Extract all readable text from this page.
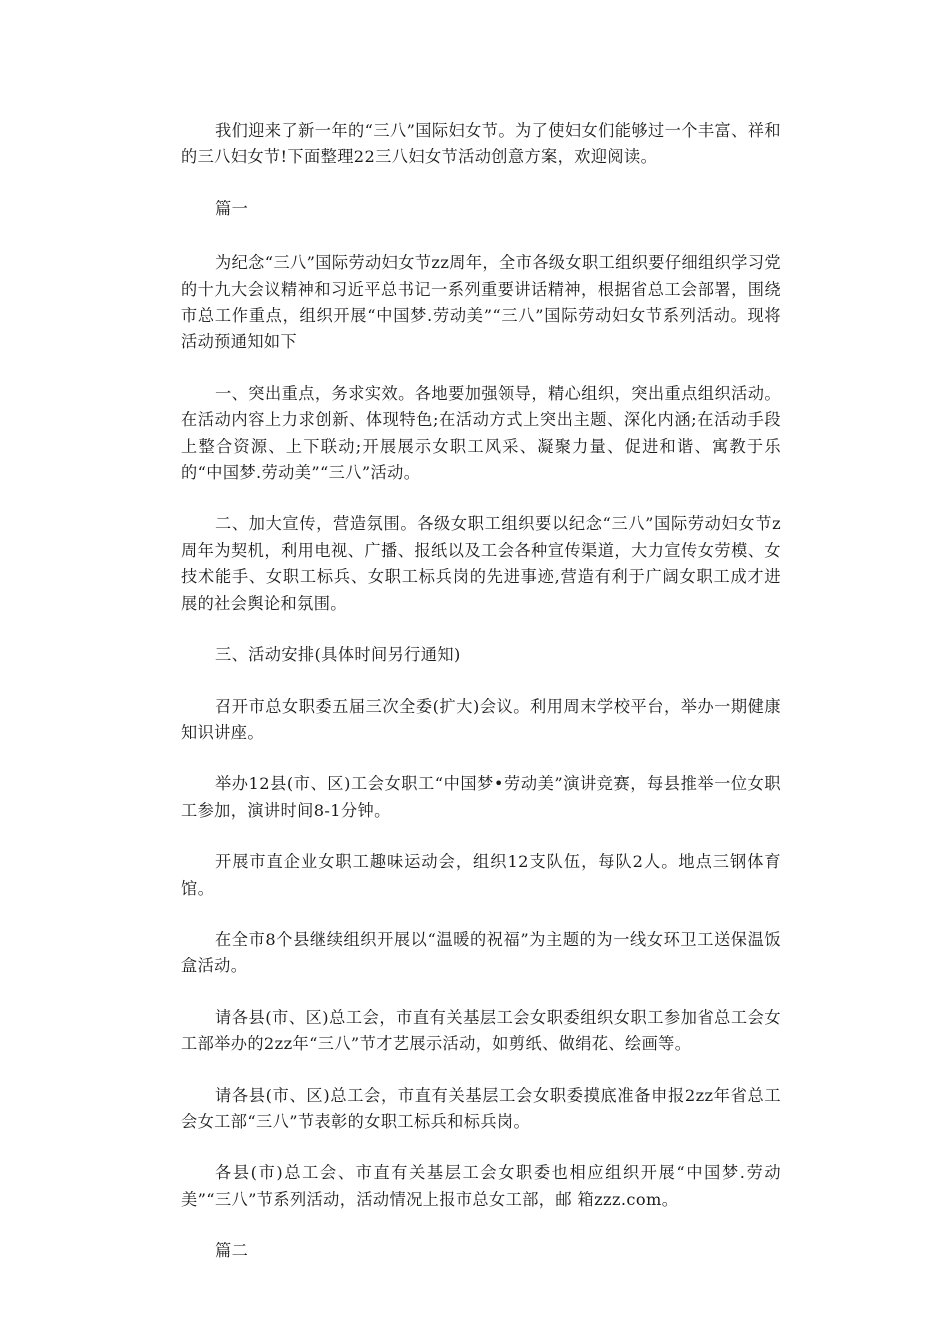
我们迎来了新一年的“三八”国际妇女节。为了使妇女们能够过一个丰富、祥和的三八妇女节!下面整理22三八妇女节活动创意方案，欢迎阅读。

篇一

为纪念“三八”国际劳动妇女节zz周年，全市各级女职工组织要仔细组织学习党的十九大会议精神和习近平总书记一系列重要讲话精神，根据省总工会部署，围绕市总工作重点，组织开展“中国梦.劳动美”“三八”国际劳动妇女节系列活动。现将活动预通知如下

一、突出重点，务求实效。各地要加强领导，精心组织，突出重点组织活动。在活动内容上力求创新、体现特色;在活动方式上突出主题、深化内涵;在活动手段上整合资源、上下联动;开展展示女职工风采、凝聚力量、促进和谐、寓教于乐的“中国梦.劳动美”“三八”活动。

二、加大宣传，营造氛围。各级女职工组织要以纪念“三八”国际劳动妇女节z周年为契机，利用电视、广播、报纸以及工会各种宣传渠道，大力宣传女劳模、女技术能手、女职工标兵、女职工标兵岗的先进事迹,营造有利于广阔女职工成才进展的社会舆论和氛围。

三、活动安排(具体时间另行通知)

召开市总女职委五届三次全委(扩大)会议。利用周末学校平台，举办一期健康知识讲座。

举办12县(市、区)工会女职工“中国梦•劳动美”演讲竞赛，每县推举一位女职工参加，演讲时间8-1分钟。

开展市直企业女职工趣味运动会，组织12支队伍，每队2人。地点三钢体育馆。

在全市8个县继续组织开展以“温暖的祝福”为主题的为一线女环卫工送保温饭盒活动。

请各县(市、区)总工会，市直有关基层工会女职委组织女职工参加省总工会女工部举办的2zz年“三八”节才艺展示活动，如剪纸、做绢花、绘画等。

请各县(市、区)总工会，市直有关基层工会女职委摸底准备申报2zz年省总工会女工部“三八”节表彰的女职工标兵和标兵岗。

各县(市)总工会、市直有关基层工会女职委也相应组织开展“中国梦.劳动美”“三八”节系列活动，活动情况上报市总女工部，邮 箱zzz.com。

篇二
